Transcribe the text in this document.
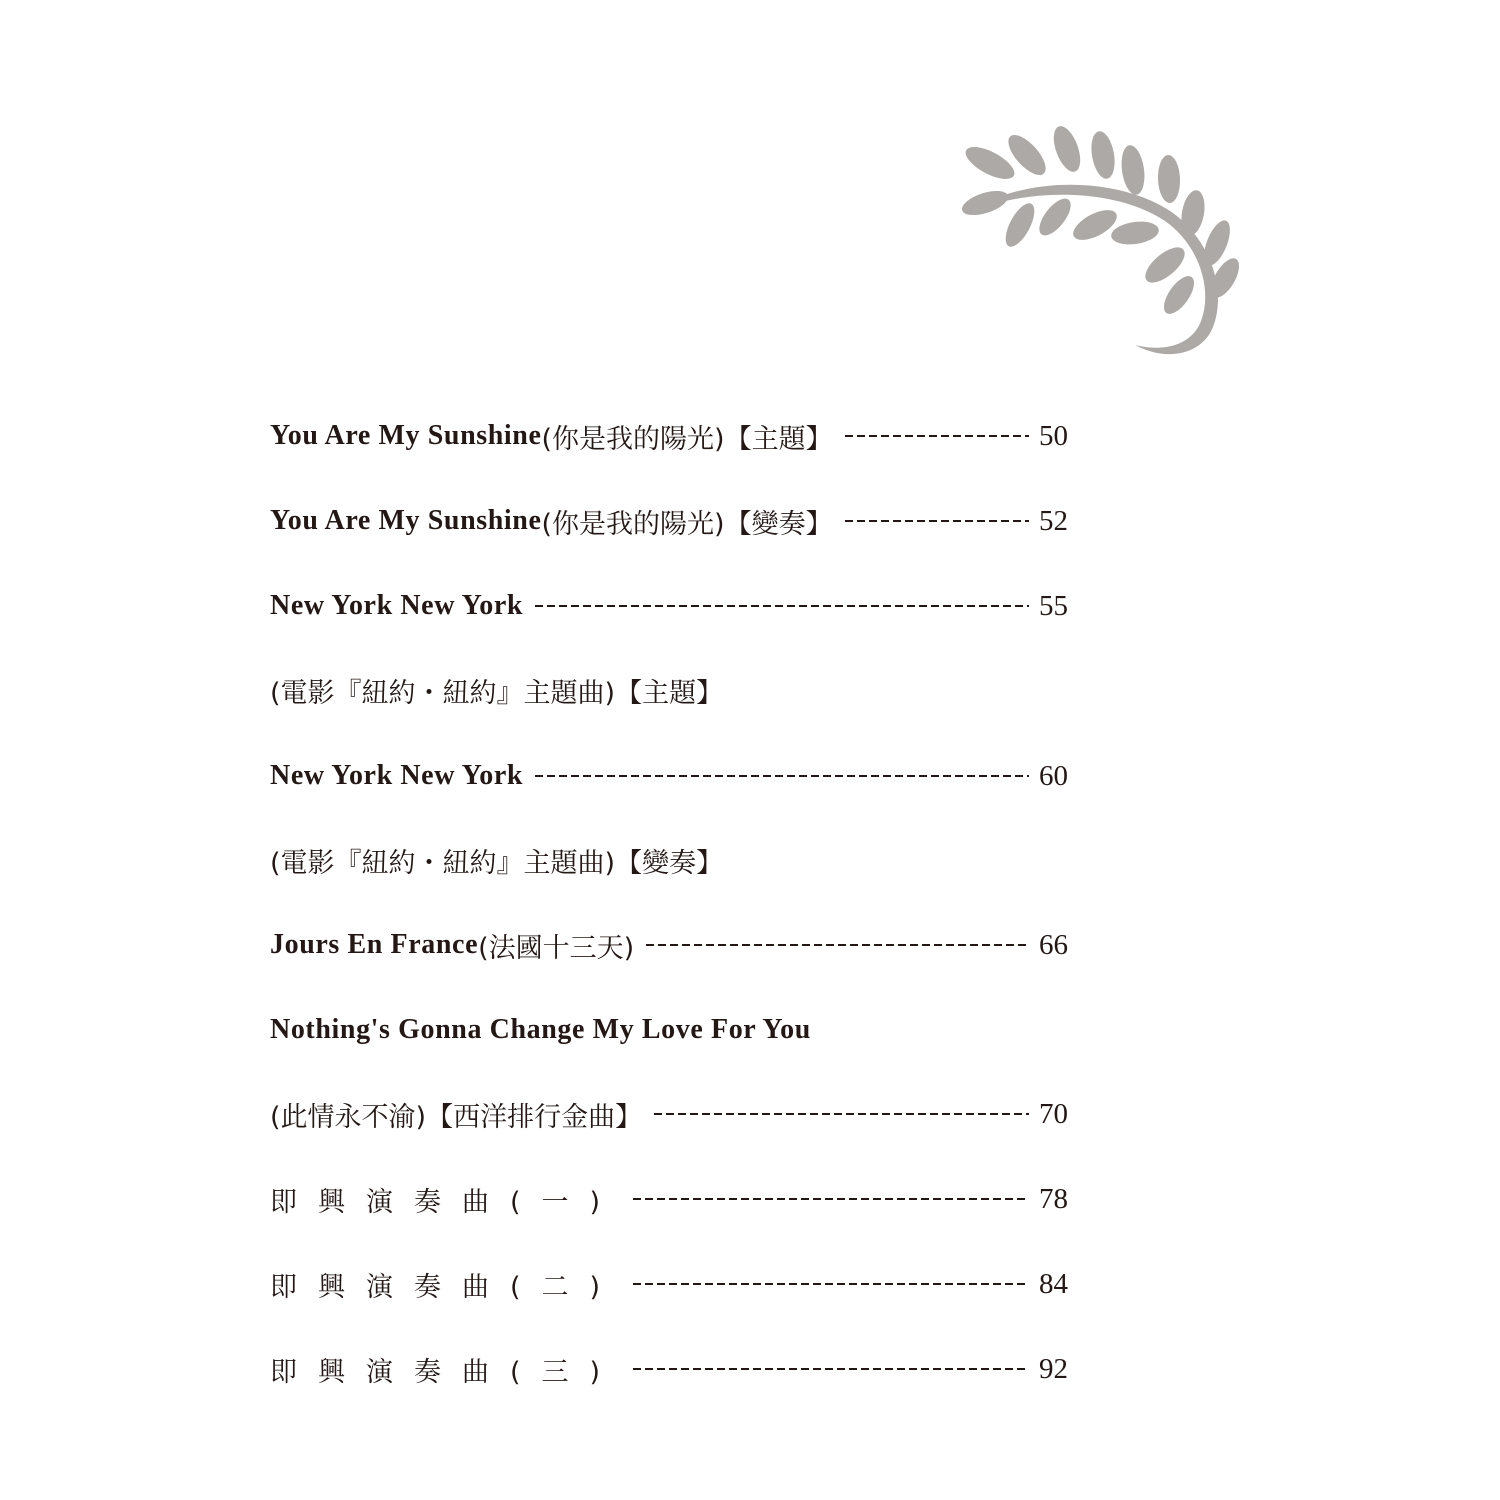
You Are My Sunshine (你是我的陽光)【主題】	50
You Are My Sunshine (你是我的陽光)【變奏】	52
New York New York	55
(電影『紐約・紐約』主題曲)【主題】
New York New York	60
(電影『紐約・紐約』主題曲)【變奏】
Jours En France (法國十三天)	66
Nothing's Gonna Change My Love For You
(此情永不渝)【西洋排行金曲】	70
即興演奏曲(一)	78
即興演奏曲(二)	84
即興演奏曲(三)	92
